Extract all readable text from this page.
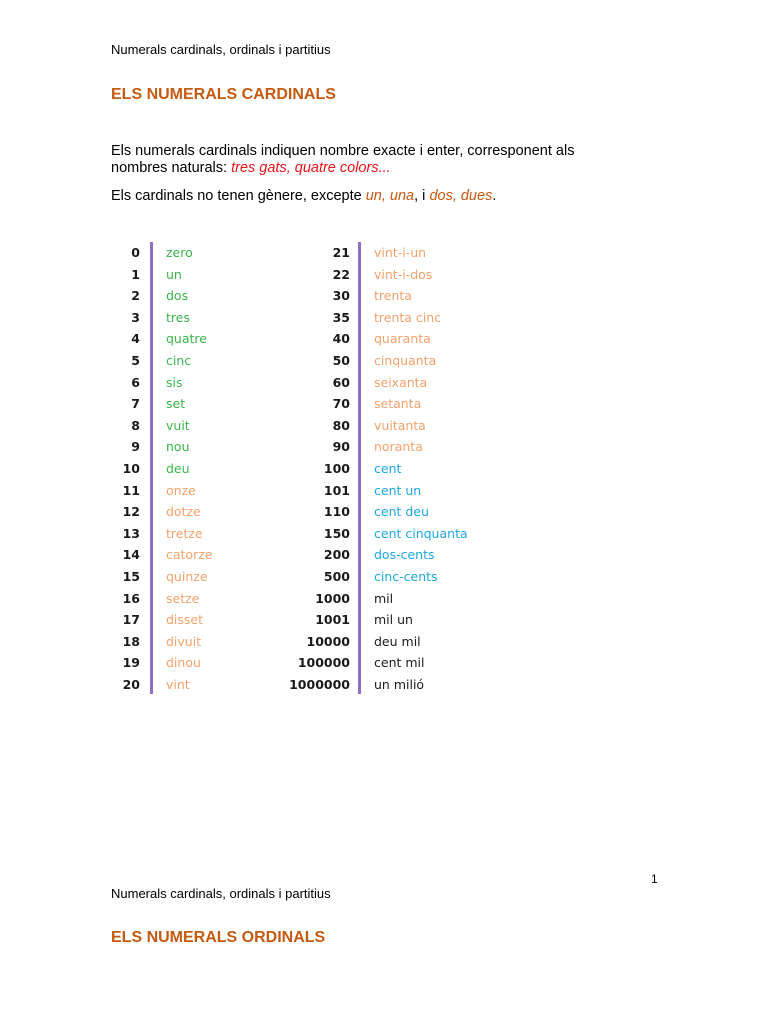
Numerals cardinals, ordinals i partitius
ELS NUMERALS CARDINALS
Els numerals cardinals indiquen nombre exacte i enter, corresponent als
nombres naturals: tres gats, quatre colors...
Els cardinals no tenen gènere, excepte un, una, i dos, dues.
0 zero
1 un
2 dos
3 tres
4 quatre
5 cinc
6 sis
7 set
8 vuit
9 nou
10 deu
11 onze
12 dotze
13 tretze
14 catorze
15 quinze
16 setze
17 disset
18 divuit
19 dinou
20 vint
21 vint-i-un
22 vint-i-dos
30 trenta
35 trenta cinc
40 quaranta
50 cinquanta
60 seixanta
70 setanta
80 vuitanta
90 noranta
100 cent
101 cent un
110 cent deu
150 cent cinquanta
200 dos-cents
500 cinc-cents
1000 mil
1001 mil un
10000 deu mil
100000 cent mil
1000000 un milió
1
Numerals cardinals, ordinals i partitius
ELS NUMERALS ORDINALS
